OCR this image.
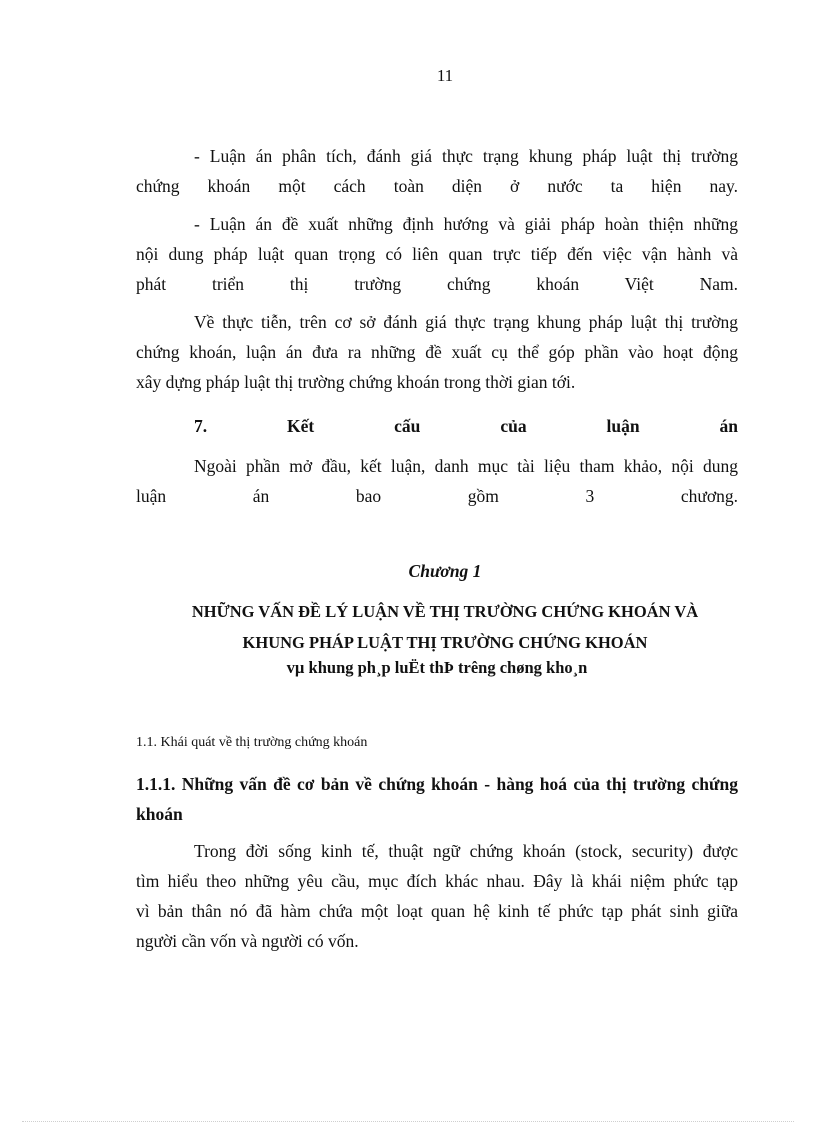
11

- Luận án phân tích, đánh giá thực trạng khung pháp luật thị trường

chứng khoán một cách toàn diện ở nước ta hiện nay.

- Luận án đề xuất những định hướng và giải pháp hoàn thiện những

nội dung pháp luật quan trọng có liên quan trực tiếp đến việc vận hành và

phát triển thị trường chứng khoán Việt Nam.

Về thực tiễn, trên cơ sở đánh giá thực trạng khung pháp luật thị trường

chứng khoán, luận án đưa ra những đề xuất cụ thể góp phần vào hoạt động

xây dựng pháp luật thị trường chứng khoán trong thời gian tới.

7. Kết cấu của luận án

Ngoài phần mở đầu, kết luận, danh mục tài liệu tham khảo, nội dung

luận án bao gồm 3 chương.

Chương 1
NHỮNG VẤN ĐỀ LÝ LUẬN VỀ THỊ TRƯỜNG CHỨNG KHOÁN VÀ
KHUNG PHÁP LUẬT THỊ TRƯỜNG CHỨNG KHOÁN
vµ khung ph¸p luËt thÞ trêng chøng kho¸n
1.1. Khái quát về thị trường chứng khoán
1.1.1. Những vấn đề cơ bản về chứng khoán - hàng hoá của thị trường chứng khoán

Trong đời sống kinh tế, thuật ngữ chứng khoán (stock, security) được

tìm hiểu theo những yêu cầu, mục đích khác nhau. Đây là khái niệm phức tạp

vì bản thân nó đã hàm chứa một loạt quan hệ kinh tế phức tạp phát sinh giữa

người cần vốn và người có vốn.
